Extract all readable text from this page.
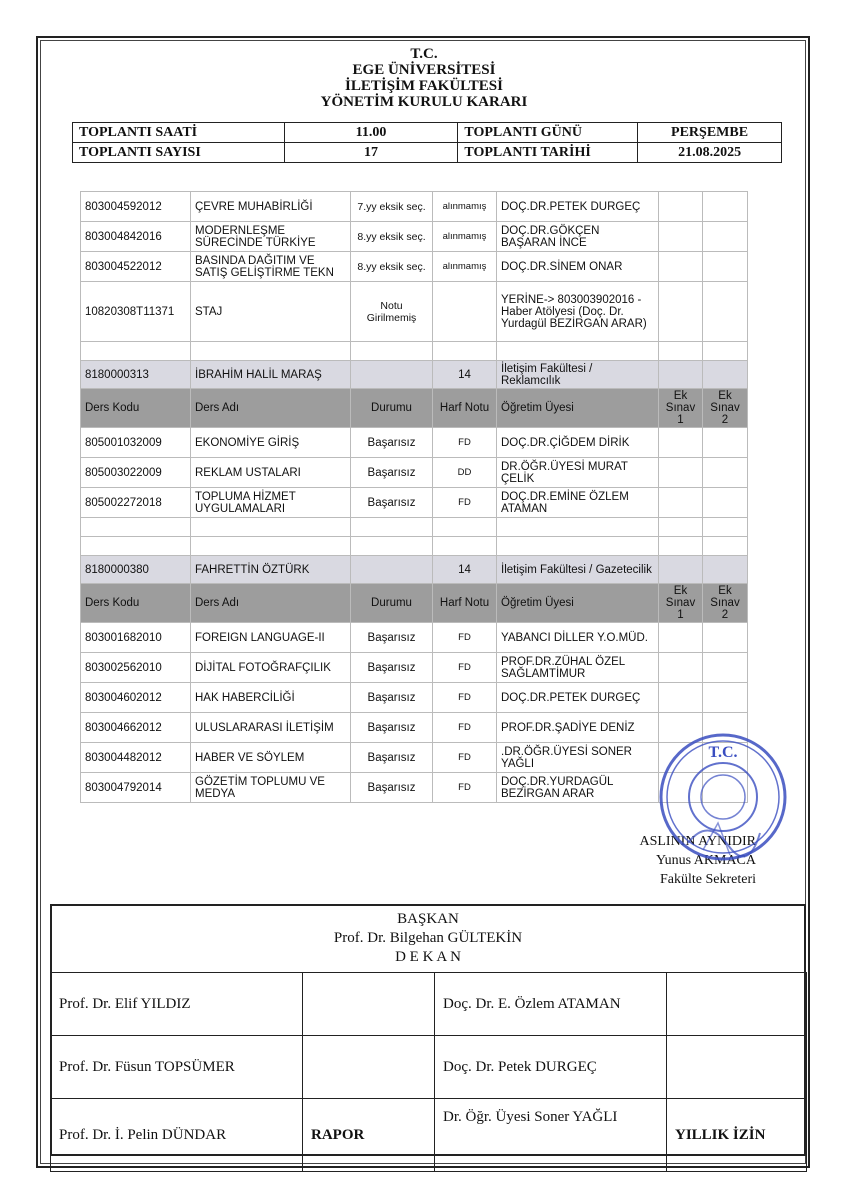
T.C.
EGE ÜNİVERSİTESİ
İLETİŞİM FAKÜLTESİ
YÖNETİM KURULU KARARI
TOPLANTI SAATİ	11.00	TOPLANTI GÜNÜ	PERŞEMBE
TOPLANTI SAYISI	17	TOPLANTI TARİHİ	21.08.2025
803004592012	ÇEVRE MUHABİRLİĞİ	7.yy eksik seç.	alınmamış	DOÇ.DR.PETEK DURGEÇ		
803004842016	MODERNLEŞME SÜRECİNDE TÜRKİYE	8.yy eksik seç.	alınmamış	DOÇ.DR.GÖKÇEN BAŞARAN İNCE		
803004522012	BASINDA DAĞITIM VE SATIŞ GELİŞTİRME TEKN	8.yy eksik seç.	alınmamış	DOÇ.DR.SİNEM ONAR		
10820308T11371	STAJ	Notu Girilmemiş		YERİNE-> 803003902016 - Haber Atölyesi (Doç. Dr. Yurdagül BEZİRGAN ARAR)		

8180000313	İBRAHİM HALİL MARAŞ		14	İletişim Fakültesi / Reklamcılık		
Ders Kodu	Ders Adı	Durumu	Harf Notu	Öğretim Üyesi	Ek Sınav 1	Ek Sınav 2
805001032009	EKONOMİYE GİRİŞ	Başarısız	FD	DOÇ.DR.ÇİĞDEM DİRİK		
805003022009	REKLAM USTALARI	Başarısız	DD	DR.ÖĞR.ÜYESİ MURAT ÇELİK		
805002272018	TOPLUMA HİZMET UYGULAMALARI	Başarısız	FD	DOÇ.DR.EMİNE ÖZLEM ATAMAN		

8180000380	FAHRETTİN ÖZTÜRK		14	İletişim Fakültesi / Gazetecilik		
Ders Kodu	Ders Adı	Durumu	Harf Notu	Öğretim Üyesi	Ek Sınav 1	Ek Sınav 2
803001682010	FOREIGN LANGUAGE-II	Başarısız	FD	YABANCI DİLLER Y.O.MÜD.		
803002562010	DİJİTAL FOTOĞRAFÇILIK	Başarısız	FD	PROF.DR.ZÜHAL ÖZEL SAĞLAMTİMUR		
803004602012	HAK HABERCİLİĞİ	Başarısız	FD	DOÇ.DR.PETEK DURGEÇ		
803004662012	ULUSLARARASI İLETİŞİM	Başarısız	FD	PROF.DR.ŞADİYE DENİZ		
803004482012	HABER VE SÖYLEM	Başarısız	FD	.DR.ÖĞR.ÜYESİ SONER YAĞLI		
803004792014	GÖZETİM TOPLUMU VE MEDYA	Başarısız	FD	DOÇ.DR.YURDAGÜL BEZİRGAN ARAR		
ASLININ AYNIDIR
Yunus AKMACA
Fakülte Sekreteri
T.C.
BAŞKAN
Prof. Dr. Bilgehan GÜLTEKİN
D E K A N
Prof. Dr. Elif YILDIZ		Doç. Dr. E. Özlem ATAMAN	
Prof. Dr. Füsun TOPSÜMER		Doç. Dr. Petek DURGEÇ	
Prof. Dr. İ. Pelin DÜNDAR	RAPOR	Dr. Öğr. Üyesi Soner YAĞLI	YILLIK İZİN
